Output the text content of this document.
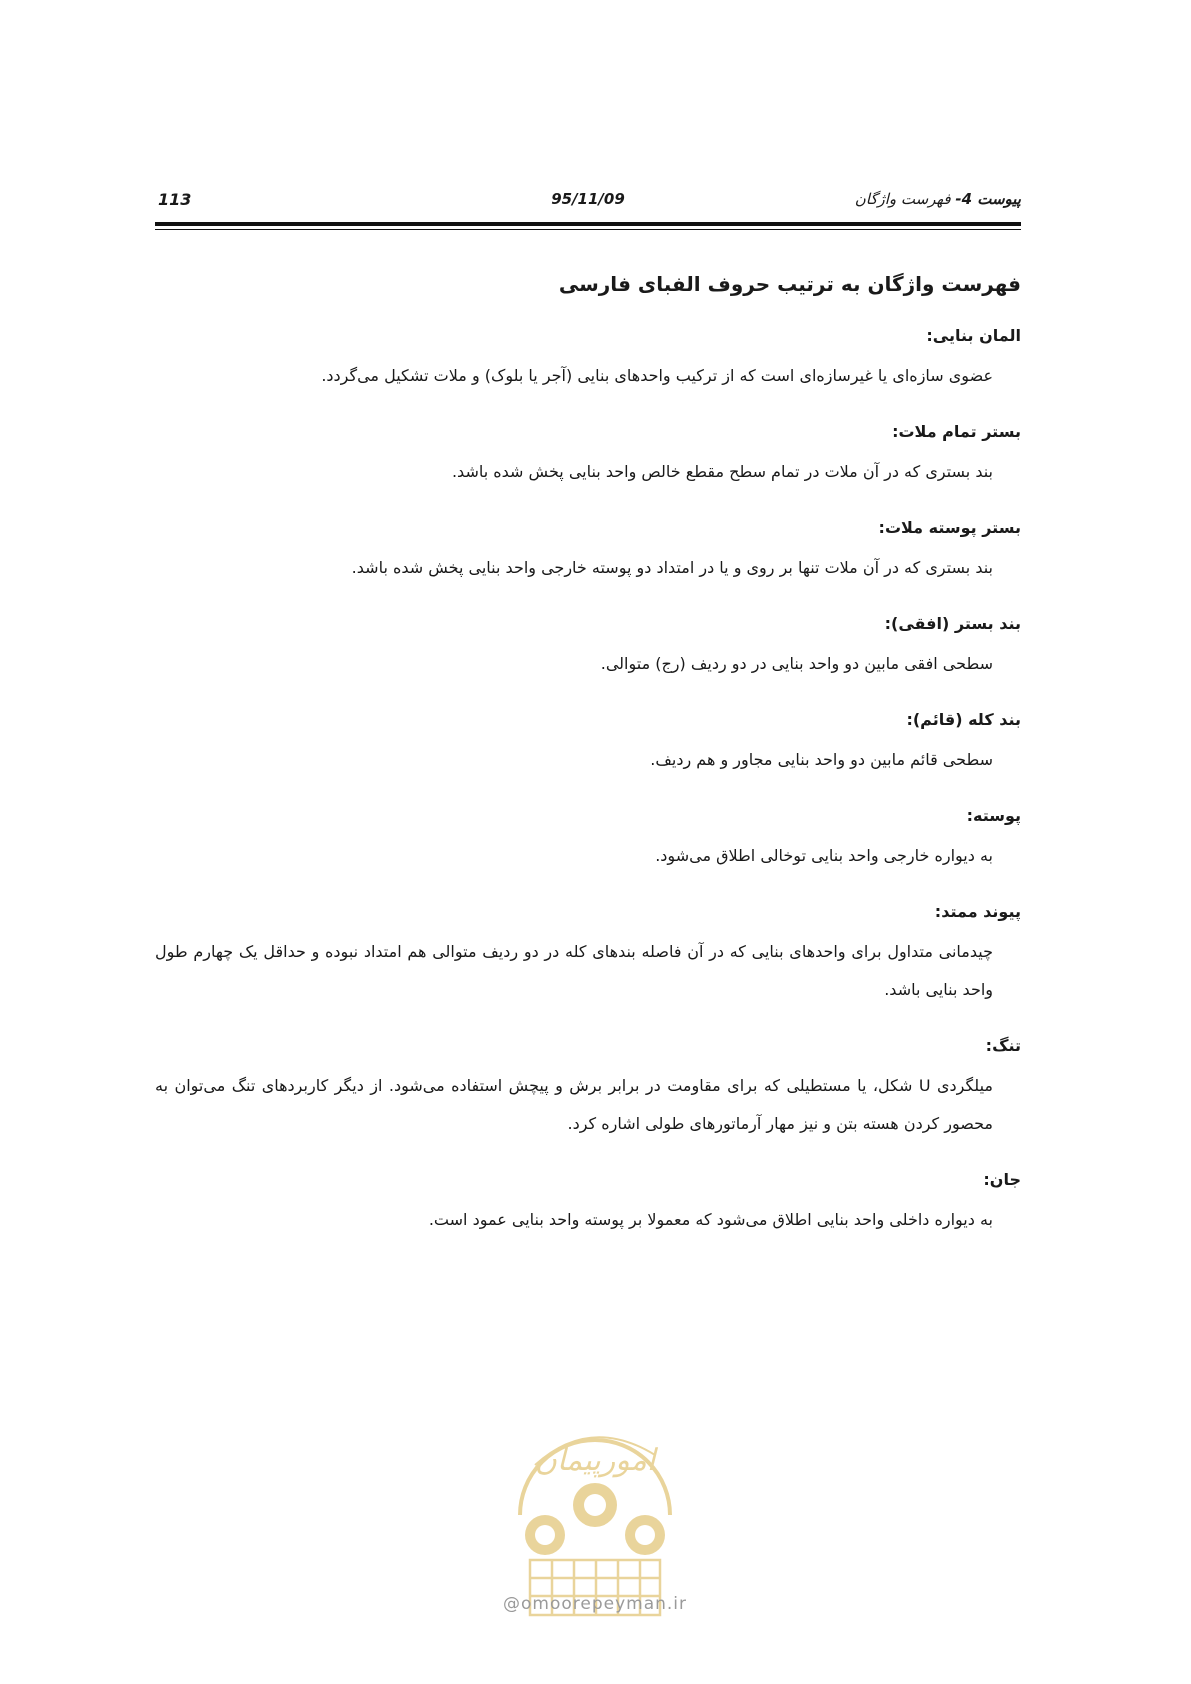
پیوست 4- فهرست واژگان
95/11/09
113
فهرست واژگان به ترتیب حروف الفبای فارسی

المان بنایی:

عضوی سازه‌ای یا غیرسازه‌ای است که از ترکیب واحدهای بنایی (آجر یا بلوک) و ملات تشکیل می‌گردد.

بستر تمام ملات:

بند بستری که در آن ملات در تمام سطح مقطع خالص واحد بنایی پخش شده باشد.

بستر پوسته ملات:

بند بستری که در آن ملات تنها بر روی و یا در امتداد دو پوسته خارجی واحد بنایی پخش شده باشد.

بند بستر (افقی):

سطحی افقی مابین دو واحد بنایی در دو ردیف (رج) متوالی.

بند کله (قائم):

سطحی قائم مابین دو واحد بنایی مجاور و هم ردیف.

پوسته:

به دیواره خارجی واحد بنایی توخالی اطلاق می‌شود.

پیوند ممتد:

چیدمانی متداول برای واحدهای بنایی که در آن فاصله بندهای کله در دو ردیف متوالی هم امتداد نبوده و حداقل یک چهارم طول واحد بنایی باشد.

تنگ:

میلگردی U شکل، یا مستطیلی که برای مقاومت در برابر برش و پیچش استفاده می‌شود. از دیگر کاربردهای تنگ می‌توان به محصور کردن هسته بتن و نیز مهار آرماتورهای طولی اشاره کرد.

جان:

به دیواره داخلی واحد بنایی اطلاق می‌شود که معمولا بر پوسته واحد بنایی عمود است.

امورپیمان
@omoorepeyman.ir
